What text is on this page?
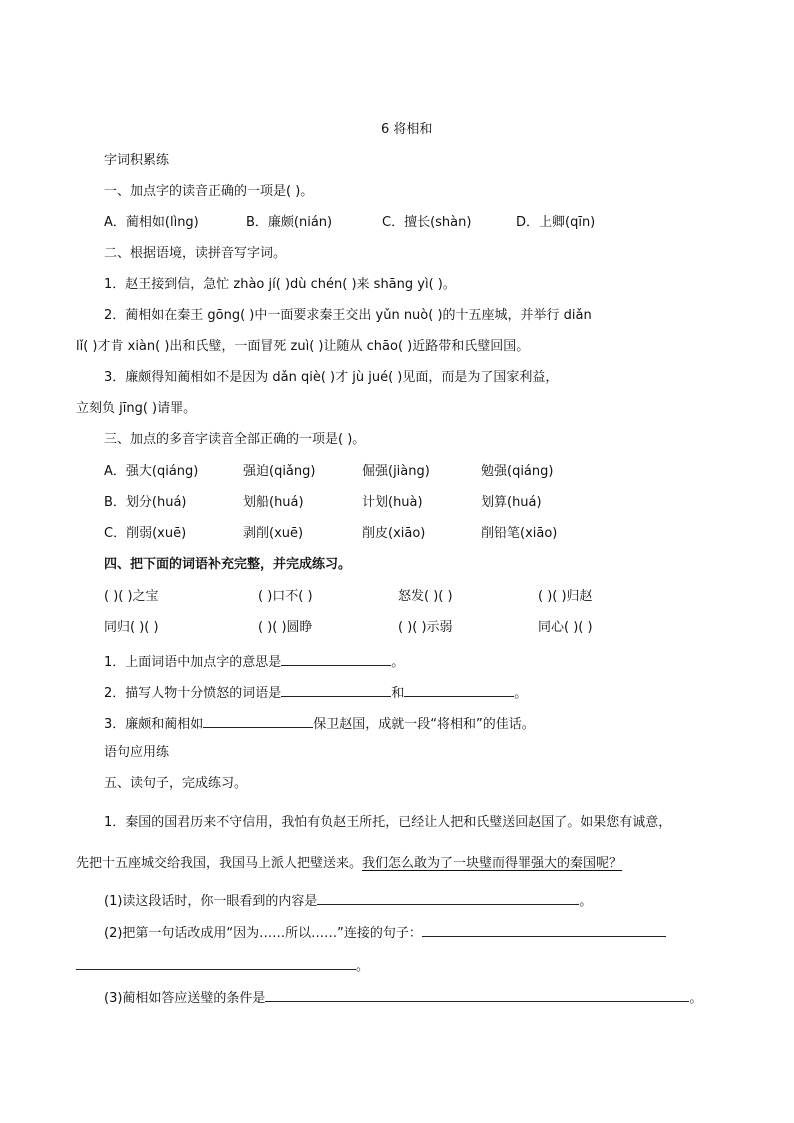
6 将相和
字词积累练
一、加点字的读音正确的一项是( )。
A．蔺相如(lìng)	B．廉颇(nián)	C．擅长(shàn)	D．上卿(qīn)
二、根据语境，读拼音写字词。
1．赵王接到信，急忙 zhào jí( )dù chén( )来 shāng yì( )。
2．蔺相如在秦王 gōng( )中一面要求秦王交出 yǔn nuò( )的十五座城，并举行 diǎn
lǐ( )才肯 xiàn( )出和氏璧，一面冒死 zuì( )让随从 chāo( )近路带和氏璧回国。
3．廉颇得知蔺相如不是因为 dǎn qiè( )才 jù jué( )见面，而是为了国家利益，
立刻负 jīng( )请罪。
三、加点的多音字读音全部正确的一项是( )。
A．强大(qiáng)	强迫(qiǎng)	倔强(jiàng)	勉强(qiáng)
B．划分(huá)	划船(huá)	计划(huà)	划算(huá)
C．削弱(xuē)	剥削(xuē)	削皮(xiāo)	削铅笔(xiāo)
四、把下面的词语补充完整，并完成练习。
( )( )之宝	( )口不( )	怒发( )( )	( )( )归赵
同归( )( )	( )( )圆睁	( )( )示弱	同心( )( )
1．上面词语中加点字的意思是	。
2．描写人物十分愤怒的词语是	和	。
3．廉颇和蔺相如	保卫赵国，成就一段“将相和”的佳话。
语句应用练
五、读句子，完成练习。
1．秦国的国君历来不守信用，我怕有负赵王所托，已经让人把和氏璧送回赵国了。如果您有诚意，
先把十五座城交给我国，我国马上派人把璧送来。我们怎么敢为了一块璧而得罪强大的秦国呢？
(1)读这段话时，你一眼看到的内容是	。
(2)把第一句话改成用“因为……所以……”连接的句子：
。
(3)蔺相如答应送璧的条件是	。
